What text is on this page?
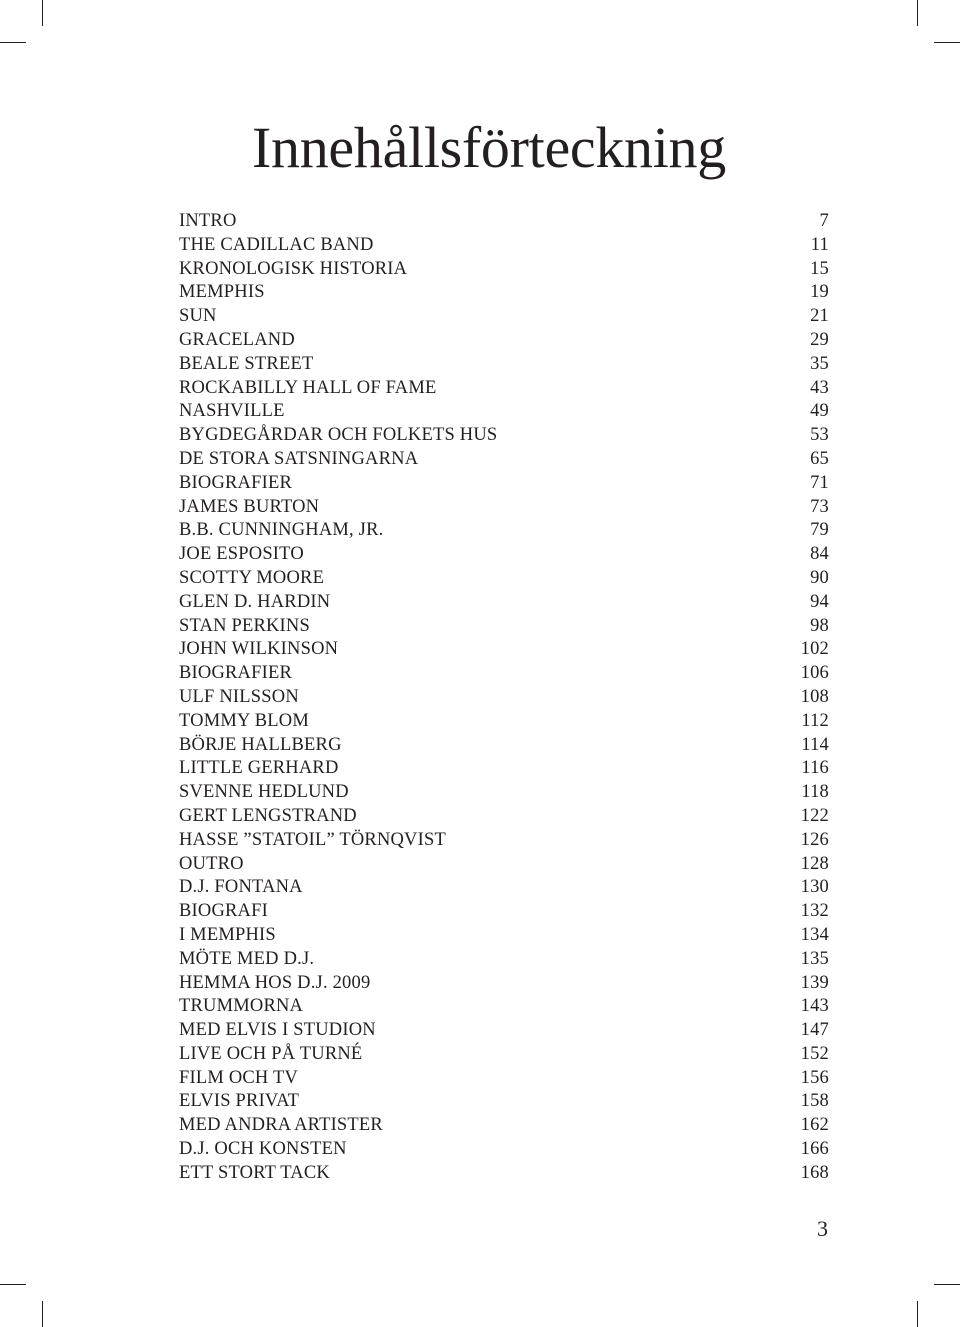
Innehållsförteckning
INTRO	7
THE CADILLAC BAND	11
KRONOLOGISK HISTORIA	15
MEMPHIS	19
SUN	21
GRACELAND	29
BEALE STREET	35
ROCKABILLY HALL OF FAME	43
NASHVILLE	49
BYGDEGÅRDAR OCH FOLKETS HUS	53
DE STORA SATSNINGARNA	65
BIOGRAFIER	71
JAMES BURTON	73
B.B. CUNNINGHAM, JR.	79
JOE ESPOSITO	84
SCOTTY MOORE	90
GLEN D. HARDIN	94
STAN PERKINS	98
JOHN WILKINSON	102
BIOGRAFIER	106
ULF NILSSON	108
TOMMY BLOM	112
BÖRJE HALLBERG	114
LITTLE GERHARD	116
SVENNE HEDLUND	118
GERT LENGSTRAND	122
HASSE ”STATOIL” TÖRNQVIST	126
OUTRO	128
D.J. FONTANA	130
BIOGRAFI	132
I MEMPHIS	134
MÖTE MED D.J.	135
HEMMA HOS D.J. 2009	139
TRUMMORNA	143
MED ELVIS I STUDION	147
LIVE OCH PÅ TURNÉ	152
FILM OCH TV	156
ELVIS PRIVAT	158
MED ANDRA ARTISTER	162
D.J. OCH KONSTEN	166
ETT STORT TACK	168
3
